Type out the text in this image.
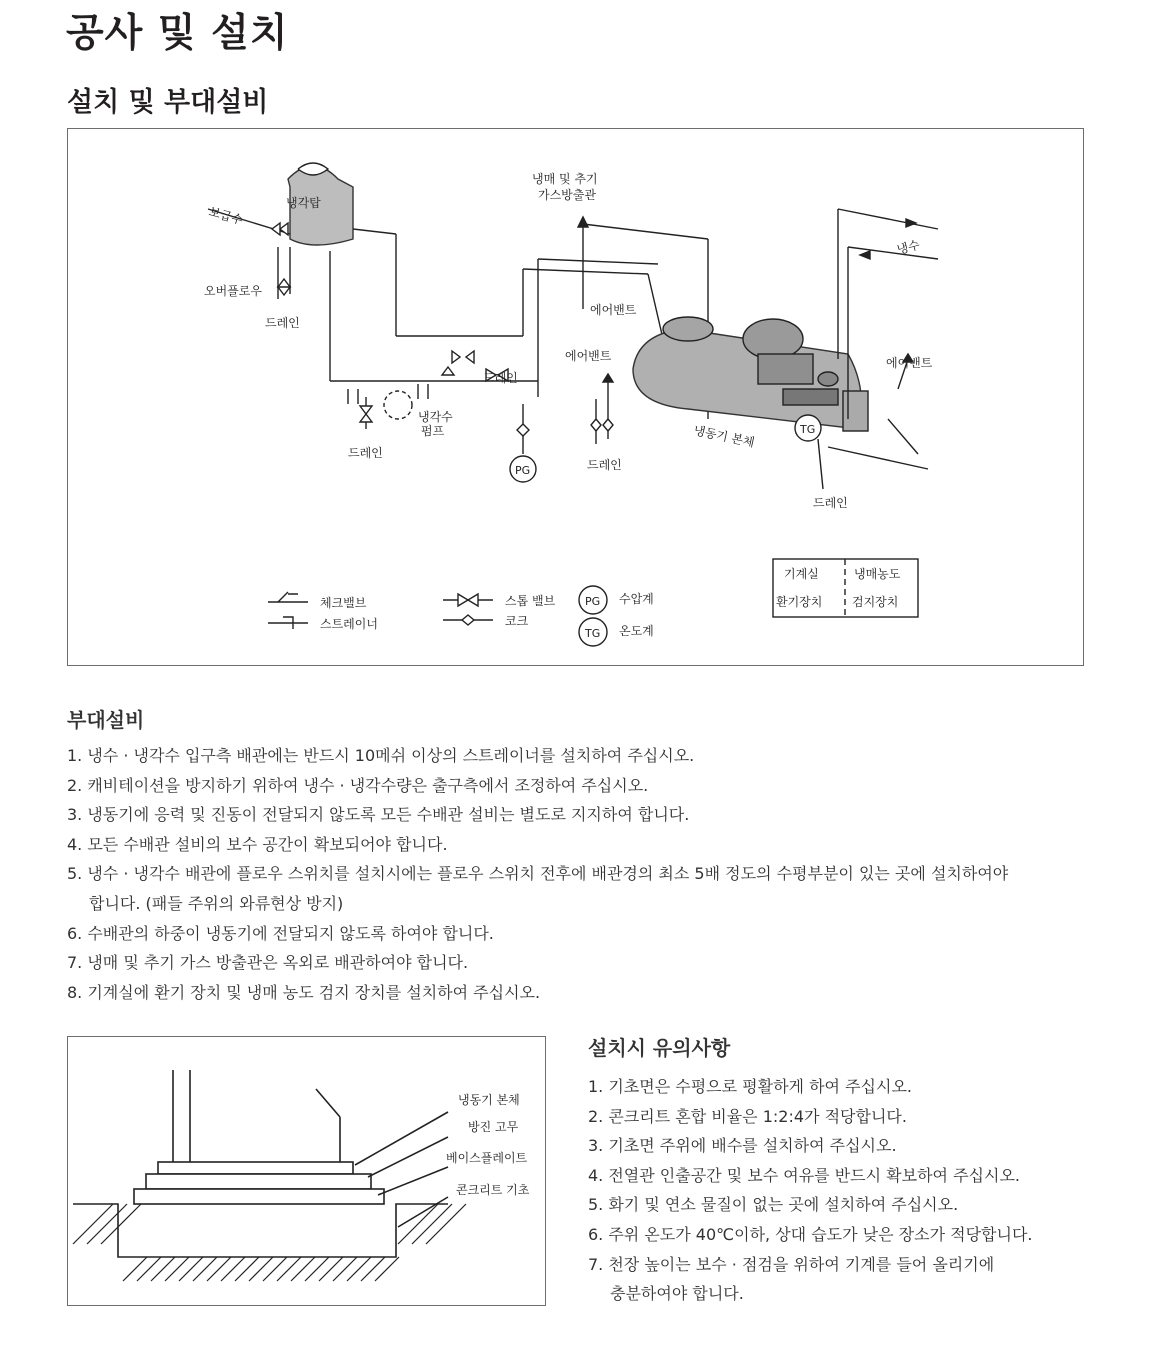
공사 및 설치
설치 및 부대설비
냉각탑
보급수
오버플로우
드레인
드레인
드레인
드레인
드레인
냉각수
펌프
냉매 및 추기
가스방출관
냉수
에어밴트
에어밴트	에어밴트
냉동기 본체
PG
TG
체크밸브
스트레이너
스톱 밸브
코크
PG
TG
수압계
온도계
기계실
환기장치
냉매농도
검지장치
부대설비
1. 냉수 · 냉각수 입구측 배관에는 반드시 10메쉬 이상의 스트레이너를 설치하여 주십시오.
2. 캐비테이션을 방지하기 위하여 냉수 · 냉각수량은 출구측에서 조정하여 주십시오.
3. 냉동기에 응력 및 진동이 전달되지 않도록 모든 수배관 설비는 별도로 지지하여 합니다.
4. 모든 수배관 설비의 보수 공간이 확보되어야 합니다.
5. 냉수 · 냉각수 배관에 플로우 스위치를 설치시에는 플로우 스위치 전후에 배관경의 최소 5배 정도의 수평부분이 있는 곳에 설치하여야
합니다. (패들 주위의 와류현상 방지)
6. 수배관의 하중이 냉동기에 전달되지 않도록 하여야 합니다.
7. 냉매 및 추기 가스 방출관은 옥외로 배관하여야 합니다.
8. 기계실에 환기 장치 및 냉매 농도 검지 장치를 설치하여 주십시오.
냉동기 본체
방진 고무
베이스플레이트
콘크리트 기초
설치시 유의사항
1. 기초면은 수평으로 평활하게 하여 주십시오.
2. 콘크리트 혼합 비율은 1:2:4가 적당합니다.
3. 기초면 주위에 배수를 설치하여 주십시오.
4. 전열관 인출공간 및 보수 여유를 반드시 확보하여 주십시오.
5. 화기 및 연소 물질이 없는 곳에 설치하여 주십시오.
6. 주위 온도가 40℃이하, 상대 습도가 낮은 장소가 적당합니다.
7. 천장 높이는 보수 · 점검을 위하여 기계를 들어 올리기에
충분하여야 합니다.
